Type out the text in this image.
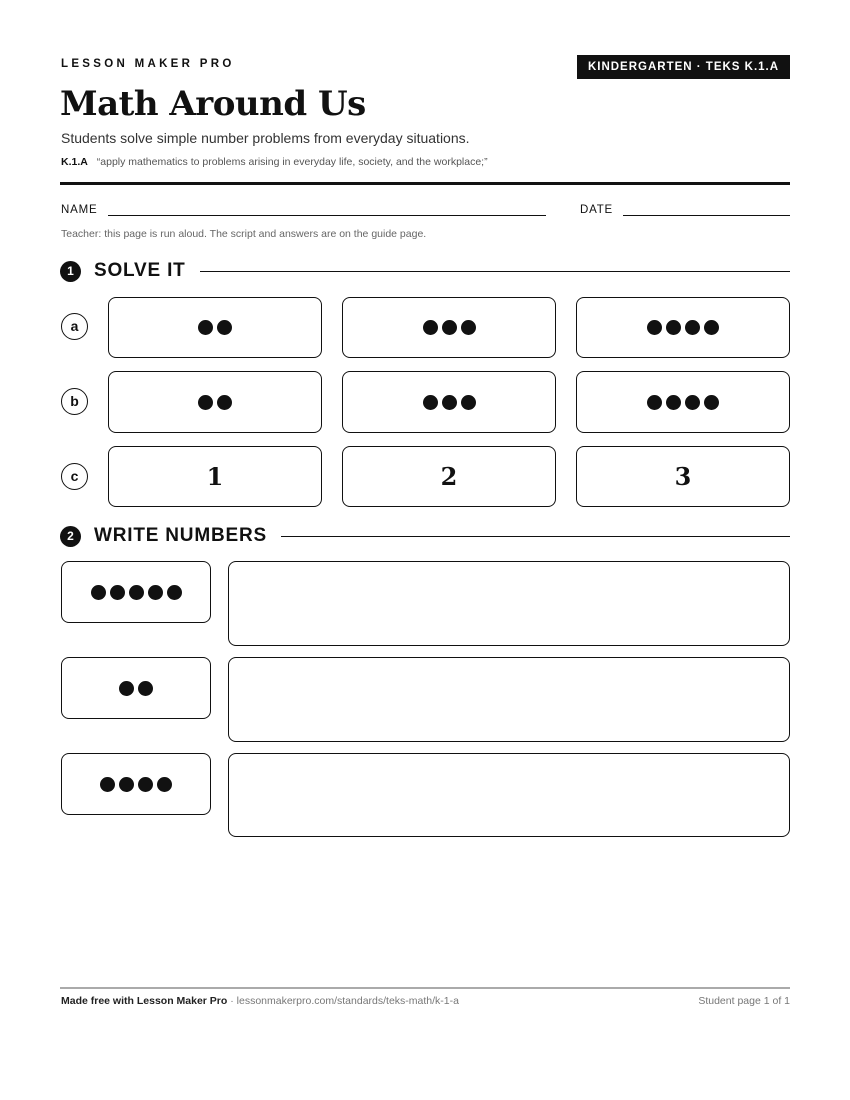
LESSON MAKER PRO	KINDERGARTEN · TEKS K.1.A
Math Around Us
Students solve simple number problems from everyday situations.
K.1.A “apply mathematics to problems arising in everyday life, society, and the workplace;”
NAME	DATE
Teacher: this page is run aloud. The script and answers are on the guide page.
1	SOLVE IT
a
b
c	1	2	3
2	WRITE NUMBERS
Made free with Lesson Maker Pro · lessonmakerpro.com/standards/teks-math/k-1-a	Student page 1 of 1
